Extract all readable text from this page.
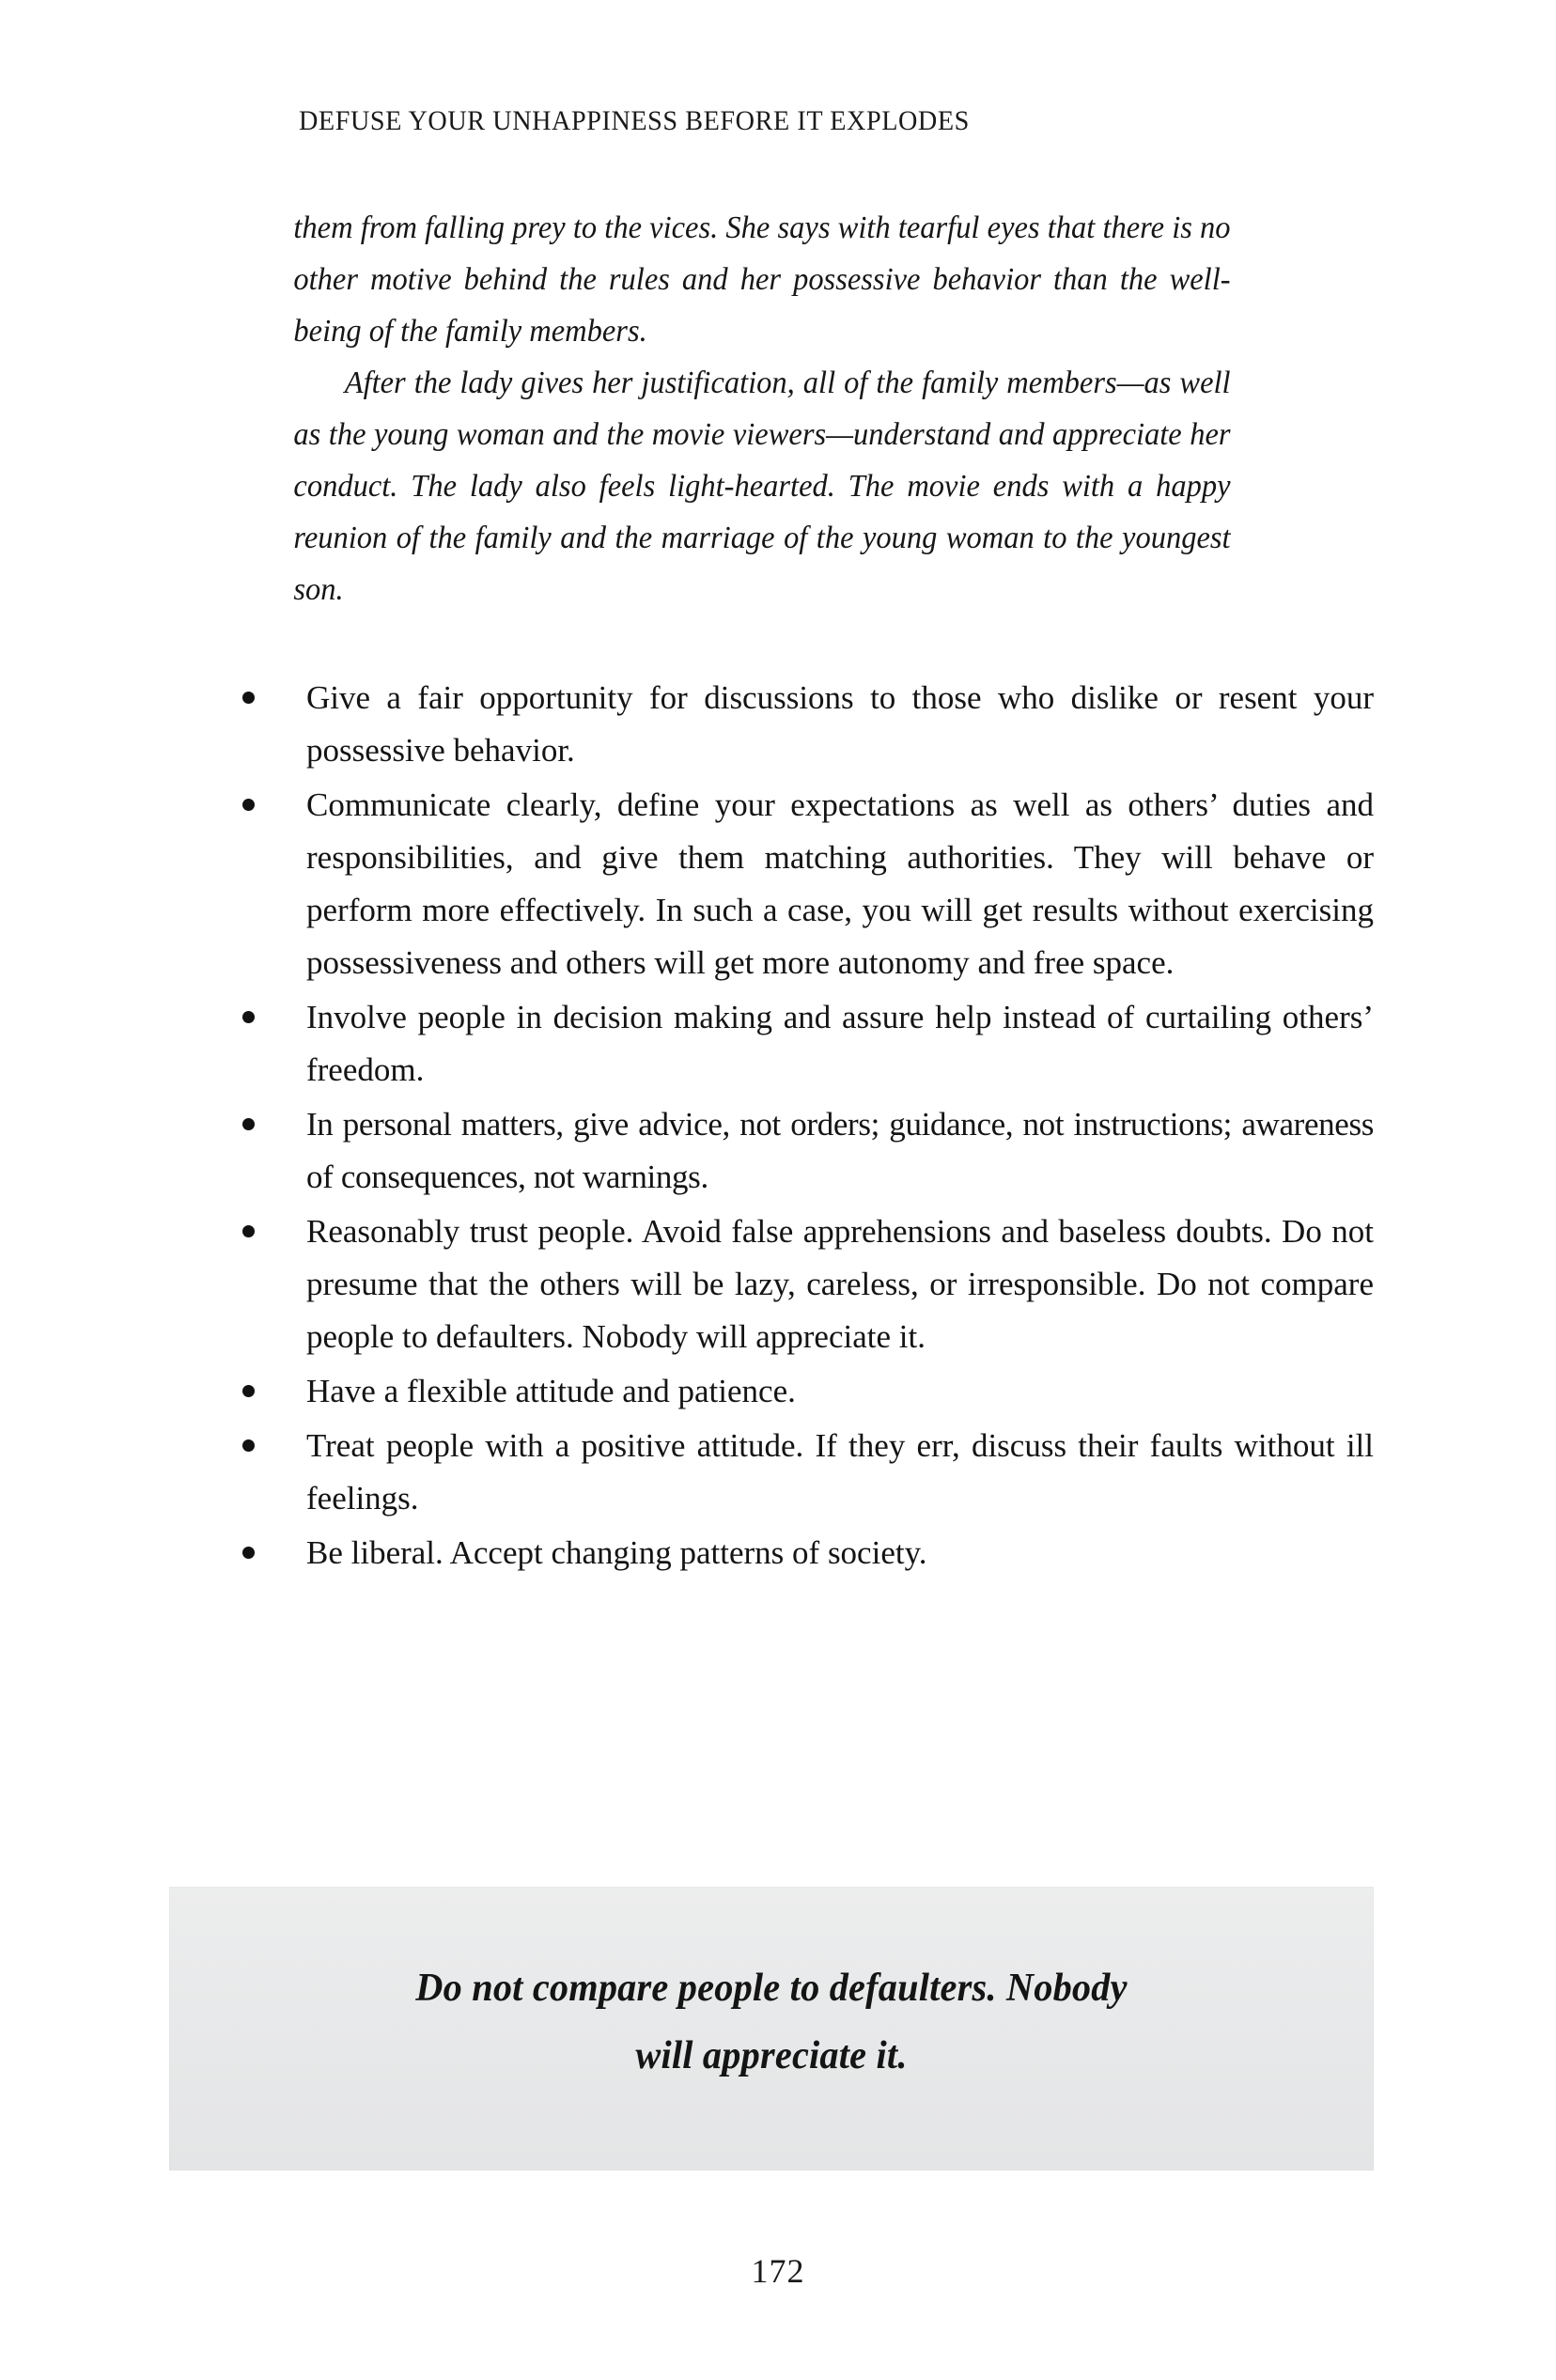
DEFUSE YOUR UNHAPPINESS BEFORE IT EXPLODES

them from falling prey to the vices. She says with tearful eyes that there is no other motive behind the rules and her possessive behavior than the well-being of the family members.

After the lady gives her justification, all of the family members—as well as the young woman and the movie viewers—understand and appreciate her conduct. The lady also feels light-hearted. The movie ends with a happy reunion of the family and the marriage of the young woman to the youngest son.

Give a fair opportunity for discussions to those who dislike or resent your possessive behavior.
Communicate clearly, define your expectations as well as others’ duties and responsibilities, and give them matching authorities. They will behave or perform more effectively. In such a case, you will get results without exercising possessiveness and others will get more autonomy and free space.
Involve people in decision making and assure help instead of curtailing others’ freedom.
In personal matters, give advice, not orders; guidance, not instructions; awareness of consequences, not warnings.
Reasonably trust people. Avoid false apprehensions and baseless doubts. Do not presume that the others will be lazy, careless, or irresponsible. Do not compare people to defaulters. Nobody will appreciate it.
Have a flexible attitude and patience.
Treat people with a positive attitude. If they err, discuss their faults without ill feelings.
Be liberal. Accept changing patterns of society.
Do not compare people to defaulters. Nobody
will appreciate it.
172
